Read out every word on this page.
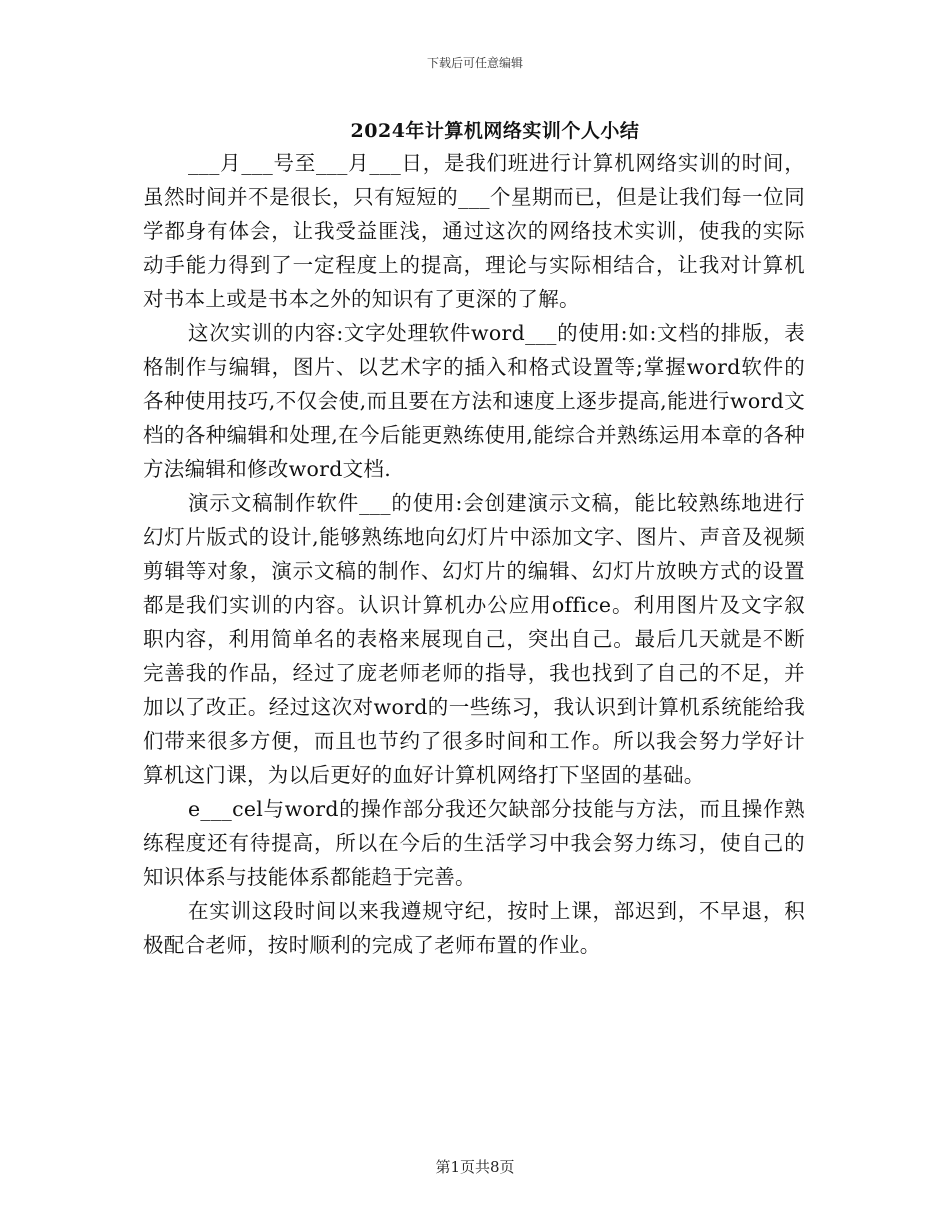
下载后可任意编辑
2024年计算机网络实训个人小结

___月___号至___月___日，是我们班进行计算机网络实训的时间，虽然时间并不是很长，只有短短的___个星期而已，但是让我们每一位同学都身有体会，让我受益匪浅，通过这次的网络技术实训，使我的实际动手能力得到了一定程度上的提高，理论与实际相结合，让我对计算机对书本上或是书本之外的知识有了更深的了解。

这次实训的内容:文字处理软件word___的使用:如:文档的排版，表格制作与编辑，图片、以艺术字的插入和格式设置等;掌握word软件的各种使用技巧,不仅会使,而且要在方法和速度上逐步提高,能进行word文档的各种编辑和处理,在今后能更熟练使用,能综合并熟练运用本章的各种方法编辑和修改word文档.

演示文稿制作软件___的使用:会创建演示文稿，能比较熟练地进行幻灯片版式的设计,能够熟练地向幻灯片中添加文字、图片、声音及视频剪辑等对象，演示文稿的制作、幻灯片的编辑、幻灯片放映方式的设置都是我们实训的内容。认识计算机办公应用office。利用图片及文字叙职内容，利用简单名的表格来展现自己，突出自己。最后几天就是不断完善我的作品，经过了庞老师老师的指导，我也找到了自己的不足，并加以了改正。经过这次对word的一些练习，我认识到计算机系统能给我们带来很多方便，而且也节约了很多时间和工作。所以我会努力学好计算机这门课，为以后更好的血好计算机网络打下坚固的基础。

e___cel与word的操作部分我还欠缺部分技能与方法，而且操作熟练程度还有待提高，所以在今后的生活学习中我会努力练习，使自己的知识体系与技能体系都能趋于完善。

在实训这段时间以来我遵规守纪，按时上课，部迟到，不早退，积极配合老师，按时顺利的完成了老师布置的作业。

第1页共8页
